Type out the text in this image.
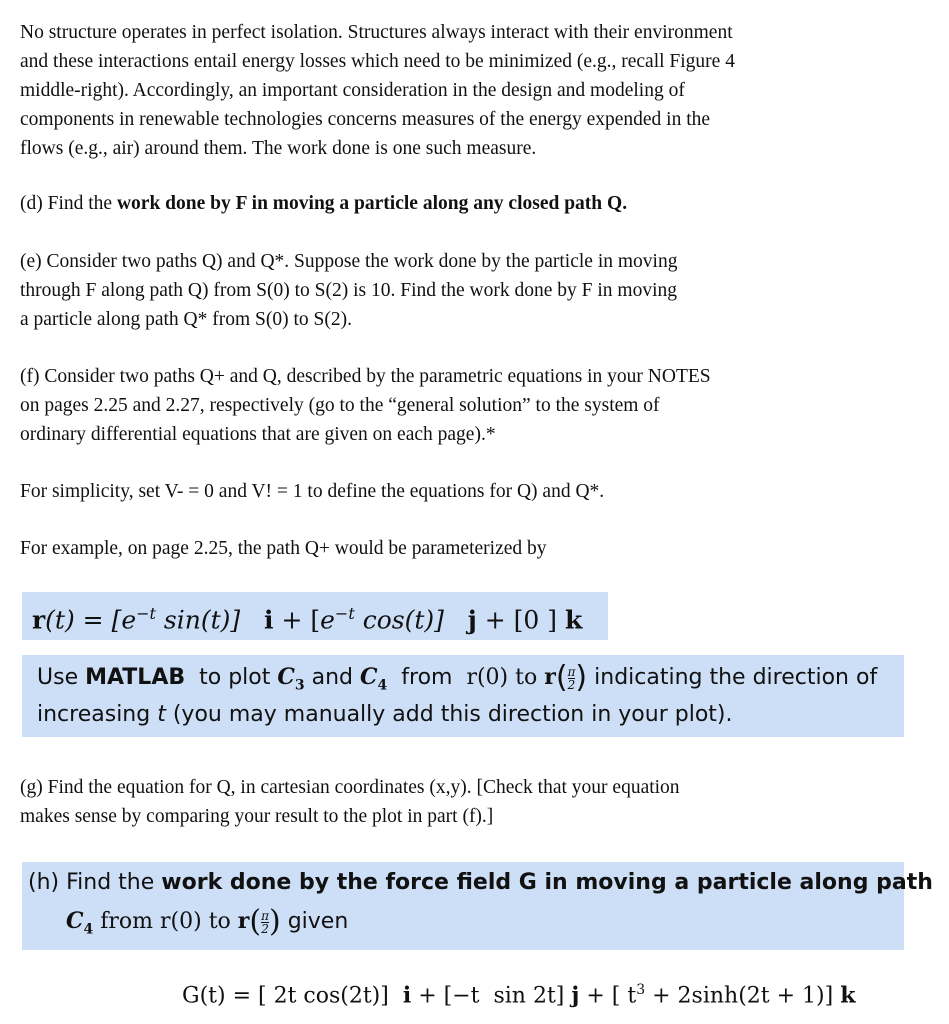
No structure operates in perfect isolation. Structures always interact with their environment

and these interactions entail energy losses which need to be minimized (e.g., recall Figure 4

middle-right). Accordingly, an important consideration in the design and modeling of

components in renewable technologies concerns measures of the energy expended in the

flows (e.g., air) around them. The work done is one such measure.

(d) Find the work done by F in moving a particle along any closed path Q.

(e) Consider two paths Q) and Q*. Suppose the work done by the particle in moving

through F along path Q) from S(0) to S(2) is 10. Find the work done by F in moving

a particle along path Q* from S(0) to S(2).

(f) Consider two paths Q+ and Q, described by the parametric equations in your NOTES

on pages 2.25 and 2.27, respectively (go to the “general solution” to the system of

ordinary differential equations that are given on each page).*

For simplicity, set V- = 0 and V! = 1 to define the equations for Q) and Q*.

For example, on page 2.25, the path Q+ would be parameterized by

$r(t) = [e^{-t}$ sin(t)]   $i + [e^{-t}$ cos(t)]   j + [0 ] k
Use MATLAB  to plot $C_3$ and $C_4$  from  r(0) to $r( \frac{\pi}{2}$ ) indicating the direction of
increasing t (you may manually add this direction in your plot).

(g) Find the equation for Q, in cartesian coordinates (x,y). [Check that your equation

makes sense by comparing your result to the plot in part (f).]

(h) Find the work done by the force field G in moving a particle along path
$C_4$ from r(0) to $r( \frac{\pi}{2}$ ) given
G(t) = [ 2t cos(2t)]  i + [−t  sin 2t] j + [ $t^3 + 2\sinh(2t + 1)$] k
